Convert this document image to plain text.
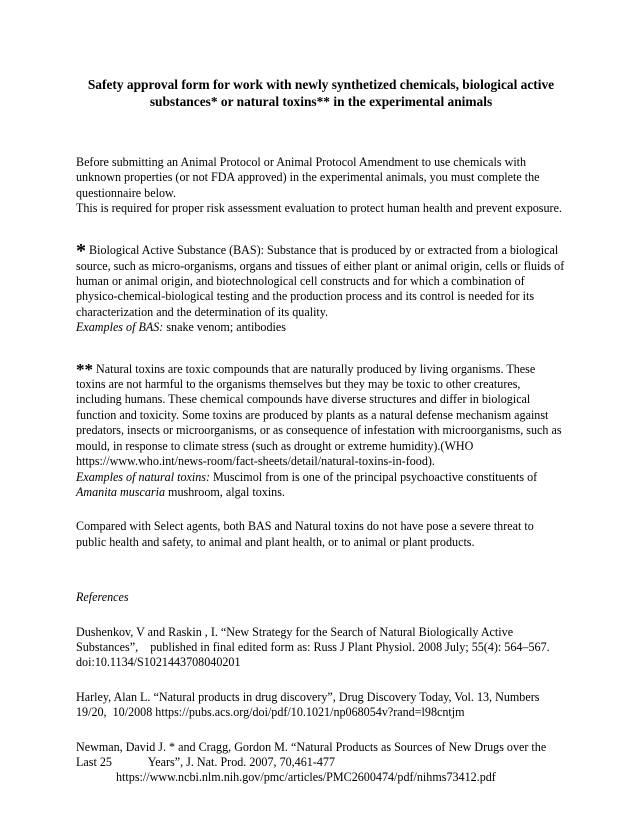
Safety approval form for work with newly synthetized chemicals, biological active substances* or natural toxins** in the experimental animals

Before submitting an Animal Protocol or Animal Protocol Amendment to use chemicals with unknown properties (or not FDA approved) in the experimental animals, you must complete the questionnaire below.

This is required for proper risk assessment evaluation to protect human health and prevent exposure.

* Biological Active Substance (BAS): Substance that is produced by or extracted from a biological source, such as micro-organisms, organs and tissues of either plant or animal origin, cells or fluids of human or animal origin, and biotechnological cell constructs and for which a combination of physico-chemical-biological testing and the production process and its control is needed for its characterization and the determination of its quality.

Examples of BAS: snake venom; antibodies

** Natural toxins are toxic compounds that are naturally produced by living organisms. These toxins are not harmful to the organisms themselves but they may be toxic to other creatures, including humans. These chemical compounds have diverse structures and differ in biological function and toxicity. Some toxins are produced by plants as a natural defense mechanism against predators, insects or microorganisms, or as consequence of infestation with microorganisms, such as mould, in response to climate stress (such as drought or extreme humidity).(WHO https://www.who.int/news-room/fact-sheets/detail/natural-toxins-in-food).

Examples of natural toxins: Muscimol from is one of the principal psychoactive constituents of Amanita muscaria mushroom, algal toxins.

Compared with Select agents, both BAS and Natural toxins do not have pose a severe threat to public health and safety, to animal and plant health, or to animal or plant products.

References

Dushenkov, V and Raskin , I. “New Strategy for the Search of Natural Biologically Active Substances”,    published in final edited form as: Russ J Plant Physiol. 2008 July; 55(4): 564–567.    doi:10.1134/S1021443708040201

Harley, Alan L. “Natural products in drug discovery”, Drug Discovery Today, Vol. 13, Numbers 19/20,  10/2008 https://pubs.acs.org/doi/pdf/10.1021/np068054v?rand=l98cntjm

Newman, David J. * and Cragg, Gordon M. “Natural Products as Sources of New Drugs over the Last 25            Years”, J. Nat. Prod. 2007, 70,461-477

https://www.ncbi.nlm.nih.gov/pmc/articles/PMC2600474/pdf/nihms73412.pdf
